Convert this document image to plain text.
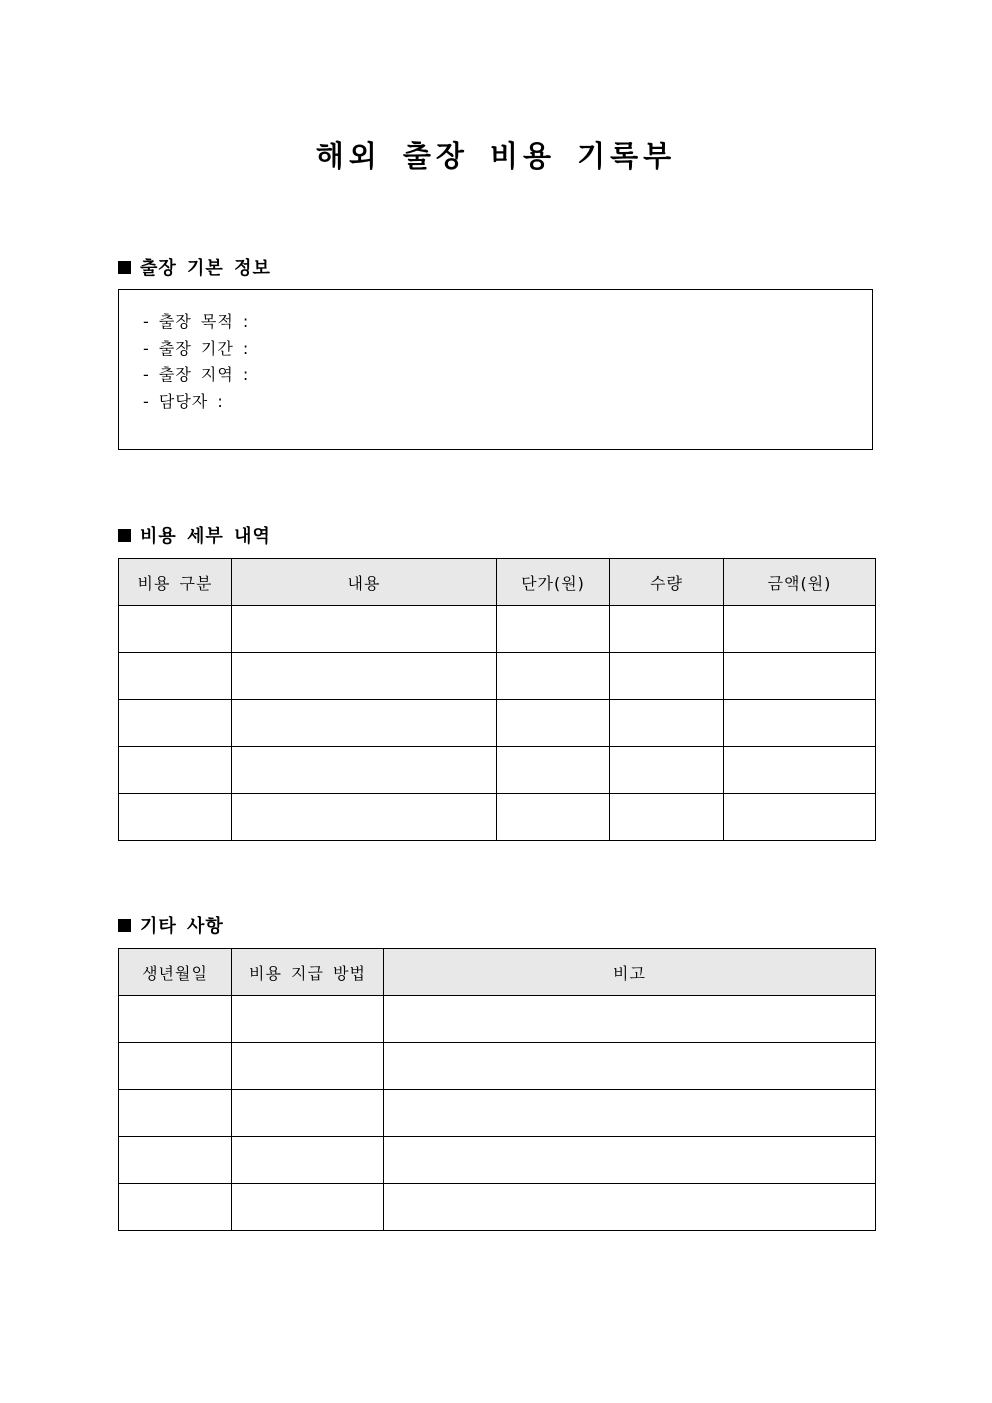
해외 출장 비용 기록부
출장 기본 정보
- 출장 목적 :
- 출장 기간 :
- 출장 지역 :
- 담당자 :
비용 세부 내역
비용 구분	내용	단가(원)	수량	금액(원)

기타 사항
생년월일	비용 지급 방법	비고
